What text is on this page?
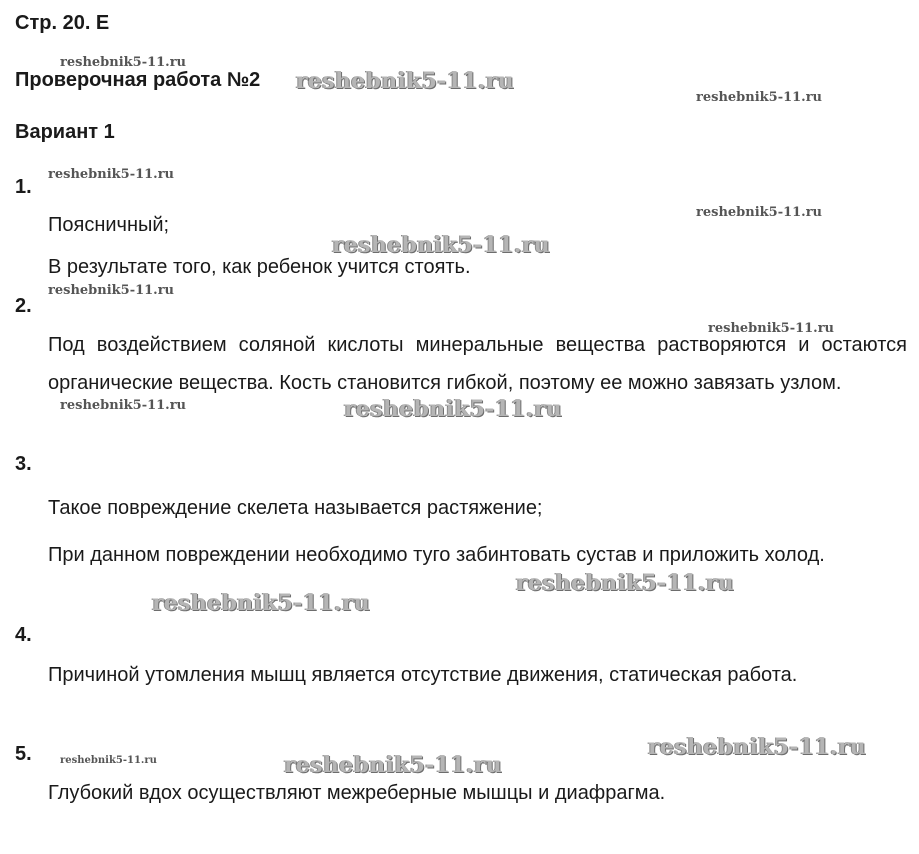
Стр. 20. Е
Проверочная работа №2
Вариант 1
1.
Поясничный;
В результате того, как ребенок учится стоять.
2.
Под воздействием соляной кислоты минеральные вещества растворяются и остаются органические вещества. Кость становится гибкой, поэтому ее можно завязать узлом.
3.
Такое повреждение скелета называется растяжение;
При данном повреждении необходимо туго забинтовать сустав и приложить холод.
4.
Причиной утомления мышц является отсутствие движения, статическая работа.
5.
Глубокий вдох осуществляют межреберные мышцы и диафрагма.
reshebnik5-11.ru
reshebnik5-11.ru
reshebnik5-11.ru
reshebnik5-11.ru
reshebnik5-11.ru
reshebnik5-11.ru
reshebnik5-11.ru
reshebnik5-11.ru
reshebnik5-11.ru	reshebnik5-11.ru
reshebnik5-11.ru
reshebnik5-11.ru
reshebnik5-11.ru
reshebnik5-11.ru	reshebnik5-11.ru
